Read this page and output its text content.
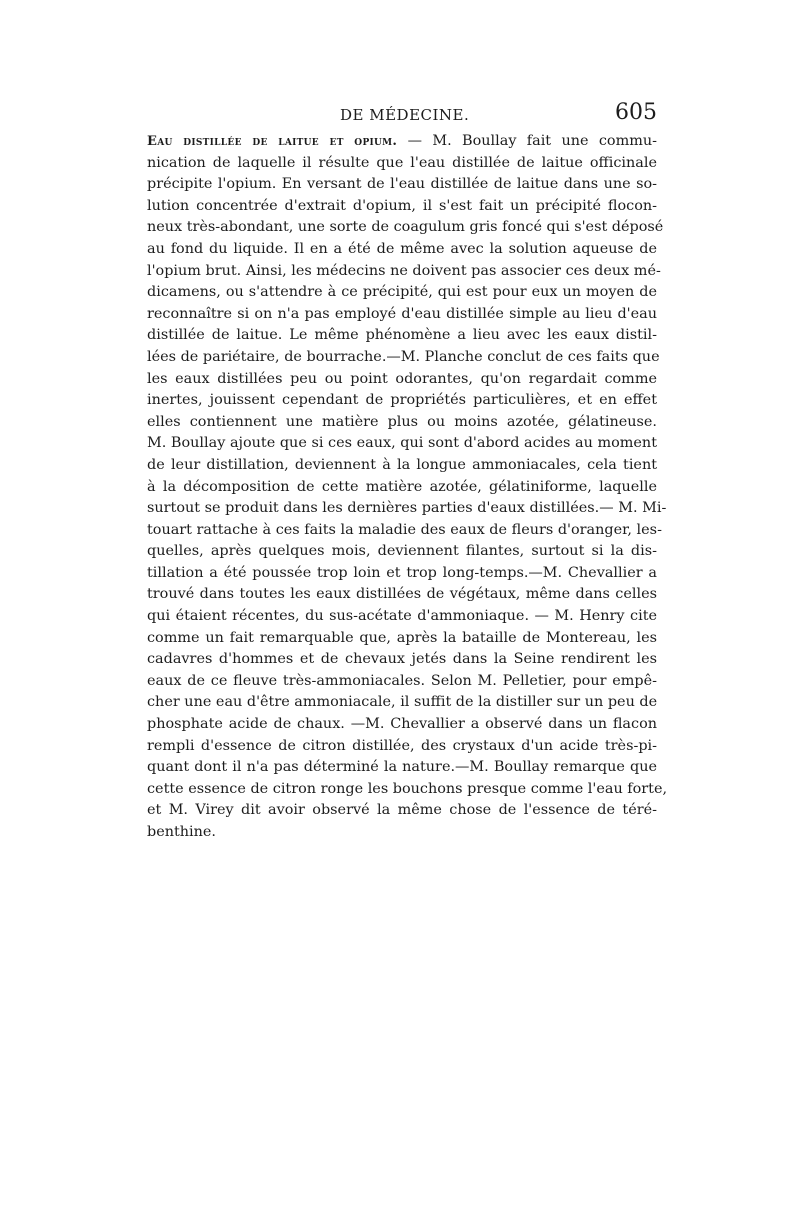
DE MÉDECINE.	605
Eau distillée de laitue et opium. — M. Boullay fait une commu-
nication de laquelle il résulte que l'eau distillée de laitue officinale
précipite l'opium. En versant de l'eau distillée de laitue dans une so-
lution concentrée d'extrait d'opium, il s'est fait un précipité flocon-
neux très-abondant, une sorte de coagulum gris foncé qui s'est déposé
au fond du liquide. Il en a été de même avec la solution aqueuse de
l'opium brut. Ainsi, les médecins ne doivent pas associer ces deux mé-
dicamens, ou s'attendre à ce précipité, qui est pour eux un moyen de
reconnaître si on n'a pas employé d'eau distillée simple au lieu d'eau
distillée de laitue. Le même phénomène a lieu avec les eaux distil-
lées de pariétaire, de bourrache.—M. Planche conclut de ces faits que
les eaux distillées peu ou point odorantes, qu'on regardait comme
inertes, jouissent cependant de propriétés particulières, et en effet
elles contiennent une matière plus ou moins azotée, gélatineuse.
M. Boullay ajoute que si ces eaux, qui sont d'abord acides au moment
de leur distillation, deviennent à la longue ammoniacales, cela tient
à la décomposition de cette matière azotée, gélatiniforme, laquelle
surtout se produit dans les dernières parties d'eaux distillées.— M. Mi-
touart rattache à ces faits la maladie des eaux de fleurs d'oranger, les-
quelles, après quelques mois, deviennent filantes, surtout si la dis-
tillation a été poussée trop loin et trop long-temps.—M. Chevallier a
trouvé dans toutes les eaux distillées de végétaux, même dans celles
qui étaient récentes, du sus-acétate d'ammoniaque. — M. Henry cite
comme un fait remarquable que, après la bataille de Montereau, les
cadavres d'hommes et de chevaux jetés dans la Seine rendirent les
eaux de ce fleuve très-ammoniacales. Selon M. Pelletier, pour empê-
cher une eau d'être ammoniacale, il suffit de la distiller sur un peu de
phosphate acide de chaux. —M. Chevallier a observé dans un flacon
rempli d'essence de citron distillée, des crystaux d'un acide très-pi-
quant dont il n'a pas déterminé la nature.—M. Boullay remarque que
cette essence de citron ronge les bouchons presque comme l'eau forte,
et M. Virey dit avoir observé la même chose de l'essence de téré-
benthine.
